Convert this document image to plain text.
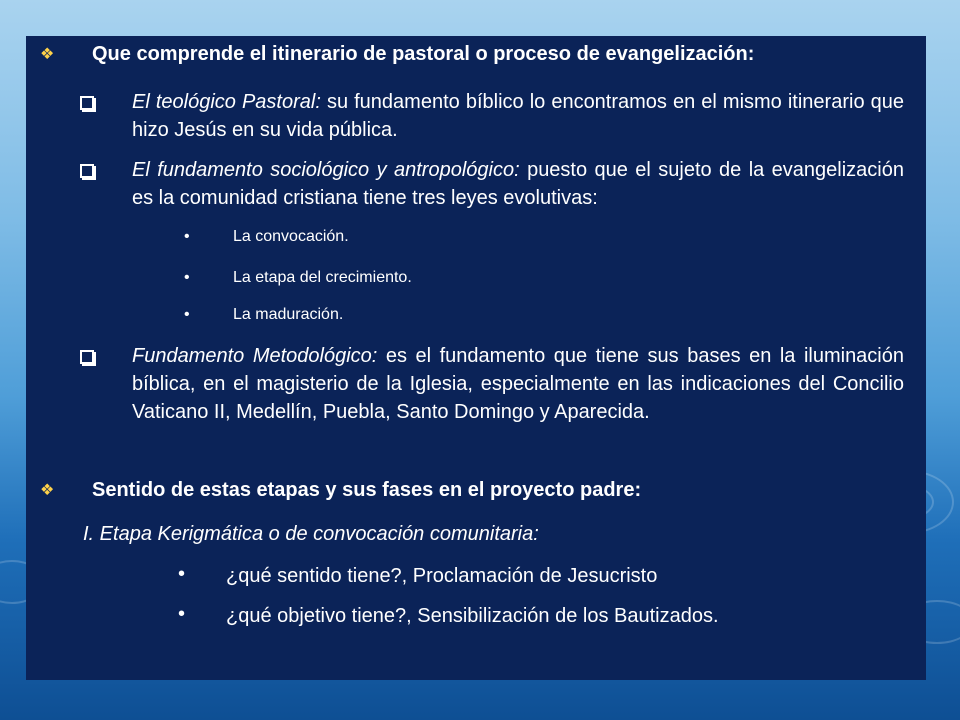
❖ Que comprende el itinerario de pastoral o proceso de evangelización:
El teológico Pastoral: su fundamento bíblico lo encontramos en el mismo itinerario que hizo Jesús en su vida pública.
El fundamento sociológico y antropológico: puesto que el sujeto de la evangelización es la comunidad cristiana tiene tres leyes evolutivas:
•	La convocación.
•	La etapa del crecimiento.
•	La maduración.
Fundamento Metodológico: es el fundamento que tiene sus bases en la iluminación bíblica, en el magisterio de la Iglesia, especialmente en las indicaciones del Concilio Vaticano II, Medellín, Puebla, Santo Domingo y Aparecida.
❖ Sentido de estas etapas y sus fases en el proyecto padre:
I. Etapa Kerigmática o de convocación comunitaria:
• ¿qué sentido tiene?, Proclamación de Jesucristo
• ¿qué objetivo tiene?, Sensibilización de los Bautizados.
